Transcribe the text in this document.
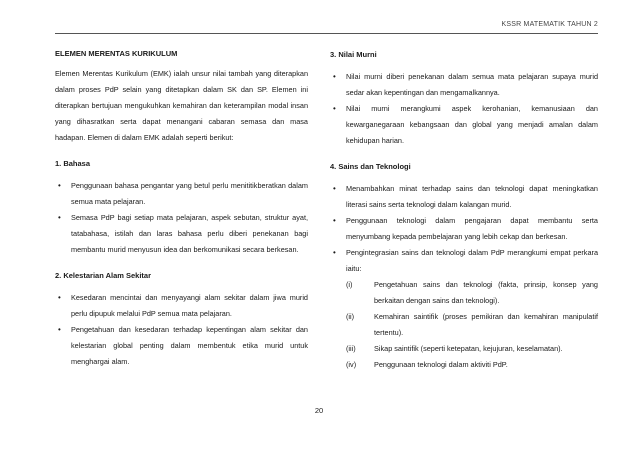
KSSR MATEMATIK TAHUN 2
ELEMEN MERENTAS KURIKULUM

Elemen Merentas Kurikulum (EMK) ialah unsur nilai tambah yang diterapkan dalam proses PdP selain yang ditetapkan dalam SK dan SP. Elemen ini diterapkan bertujuan mengukuhkan kemahiran dan keterampilan modal insan yang dihasratkan serta dapat menangani cabaran semasa dan masa hadapan. Elemen di dalam EMK adalah seperti berikut:

1. Bahasa
• Penggunaan bahasa pengantar yang betul perlu menititikberatkan dalam semua mata pelajaran.
• Semasa PdP bagi setiap mata pelajaran, aspek sebutan, struktur ayat, tatabahasa, istilah dan laras bahasa perlu diberi penekanan bagi membantu murid menyusun idea dan berkomunikasi secara berkesan.
2. Kelestarian Alam Sekitar
• Kesedaran mencintai dan menyayangi alam sekitar dalam jiwa murid perlu dipupuk melalui PdP semua mata pelajaran.
• Pengetahuan dan kesedaran terhadap kepentingan alam sekitar dan kelestarian global penting dalam membentuk etika murid untuk menghargai alam.
3. Nilai Murni
• Nilai murni diberi penekanan dalam semua mata pelajaran supaya murid sedar akan kepentingan dan mengamalkannya.
• Nilai murni merangkumi aspek kerohanian, kemanusiaan dan kewarganegaraan kebangsaan dan global yang menjadi amalan dalam kehidupan harian.
4. Sains dan Teknologi
• Menambahkan minat terhadap sains dan teknologi dapat meningkatkan literasi sains serta teknologi dalam kalangan murid.
• Penggunaan teknologi dalam pengajaran dapat membantu serta menyumbang kepada pembelajaran yang lebih cekap dan berkesan.
• Pengintegrasian sains dan teknologi dalam PdP merangkumi empat perkara iaitu:
(i)	Pengetahuan sains dan teknologi (fakta, prinsip, konsep yang berkaitan dengan sains dan teknologi).
(ii)	Kemahiran saintifik (proses pemikiran dan kemahiran manipulatif tertentu).
(iii)	Sikap saintifik (seperti ketepatan, kejujuran, keselamatan).
(iv) Penggunaan teknologi dalam aktiviti PdP.
20
